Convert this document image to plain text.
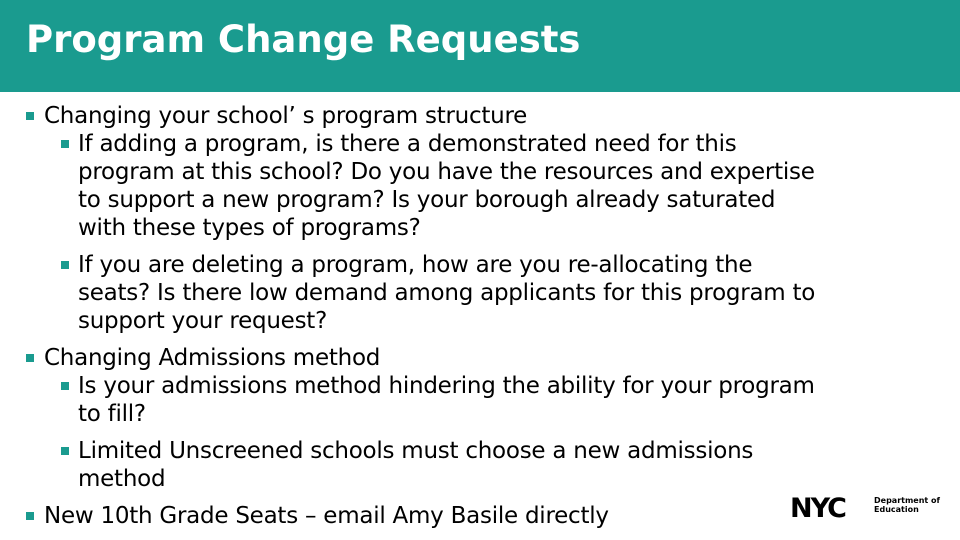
Program Change Requests
Changing your school’ s program structure
If adding a program, is there a demonstrated need for this
program at this school? Do you have the resources and expertise
to support a new program? Is your borough already saturated
with these types of programs?
If you are deleting a program, how are you re-allocating the
seats? Is there low demand among applicants for this program to
support your request?
Changing Admissions method
Is your admissions method hindering the ability for your program
to fill?
Limited Unscreened schools must choose a new admissions
method
New 10th Grade Seats – email Amy Basile directly	NYC	Department of
Education
